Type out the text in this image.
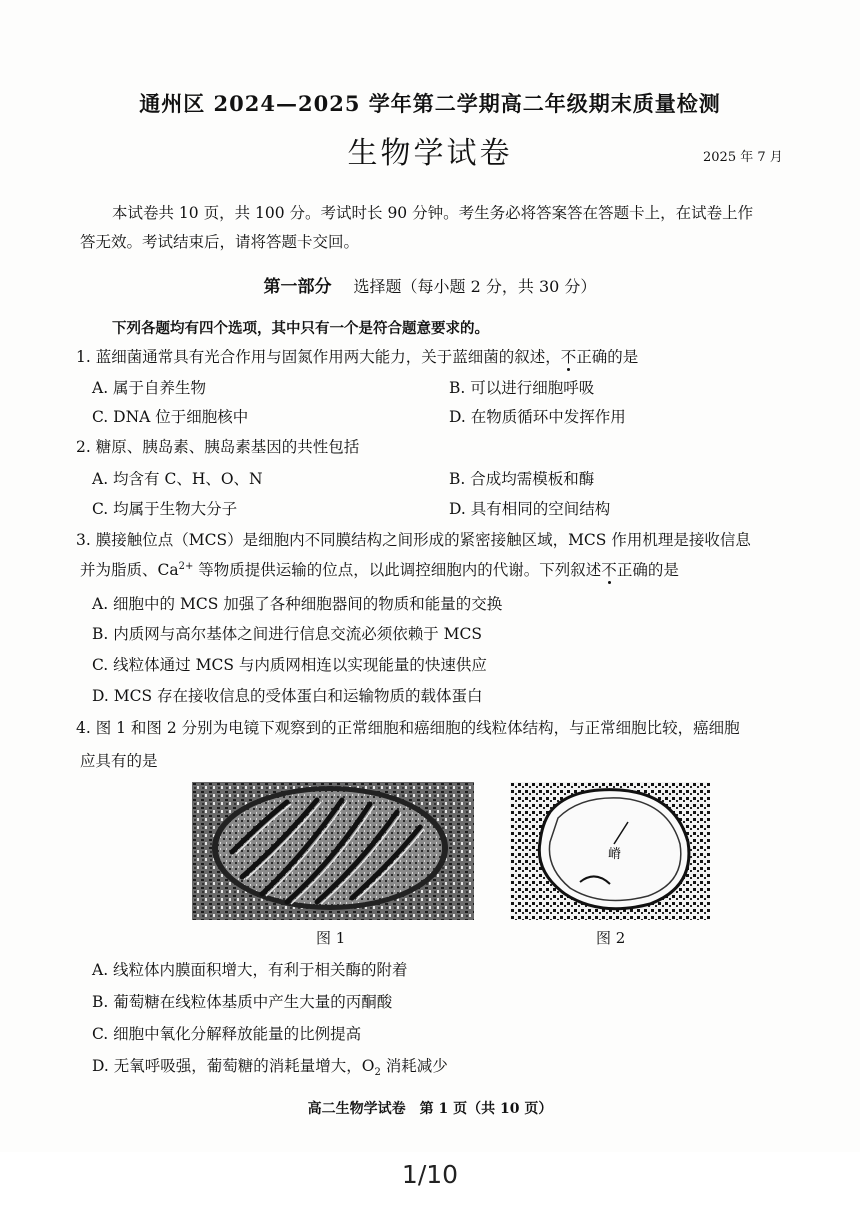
通州区 2024—2025 学年第二学期高二年级期末质量检测
生物学试卷	2025 年 7 月
本试卷共 10 页，共 100 分。考试时长 90 分钟。考生务必将答案答在答题卡上，在试卷上作
答无效。考试结束后，请将答题卡交回。
第一部分 选择题（每小题 2 分，共 30 分）
下列各题均有四个选项，其中只有一个是符合题意要求的。
1. 蓝细菌通常具有光合作用与固氮作用两大能力，关于蓝细菌的叙述，不正确的是
A. 属于自养生物	B. 可以进行细胞呼吸
C. DNA 位于细胞核中	D. 在物质循环中发挥作用
2. 糖原、胰岛素、胰岛素基因的共性包括
A. 均含有 C、H、O、N	B. 合成均需模板和酶
C. 均属于生物大分子	D. 具有相同的空间结构
3. 膜接触位点（MCS）是细胞内不同膜结构之间形成的紧密接触区域，MCS 作用机理是接收信息
并为脂质、$Ca^{2+}$ 等物质提供运输的位点，以此调控细胞内的代谢。下列叙述不正确的是
A. 细胞中的 MCS 加强了各种细胞器间的物质和能量的交换
B. 内质网与高尔基体之间进行信息交流必须依赖于 MCS
C. 线粒体通过 MCS 与内质网相连以实现能量的快速供应
D. MCS 存在接收信息的受体蛋白和运输物质的载体蛋白
4. 图 1 和图 2 分别为电镜下观察到的正常细胞和癌细胞的线粒体结构，与正常细胞比较，癌细胞
应具有的是
图 1
嵴
图 2
A. 线粒体内膜面积增大，有利于相关酶的附着
B. 葡萄糖在线粒体基质中产生大量的丙酮酸
C. 细胞中氧化分解释放能量的比例提高
D. 无氧呼吸强，葡萄糖的消耗量增大，$O_2$ 消耗减少
高二生物学试卷　第 1 页（共 10 页）
1/10
